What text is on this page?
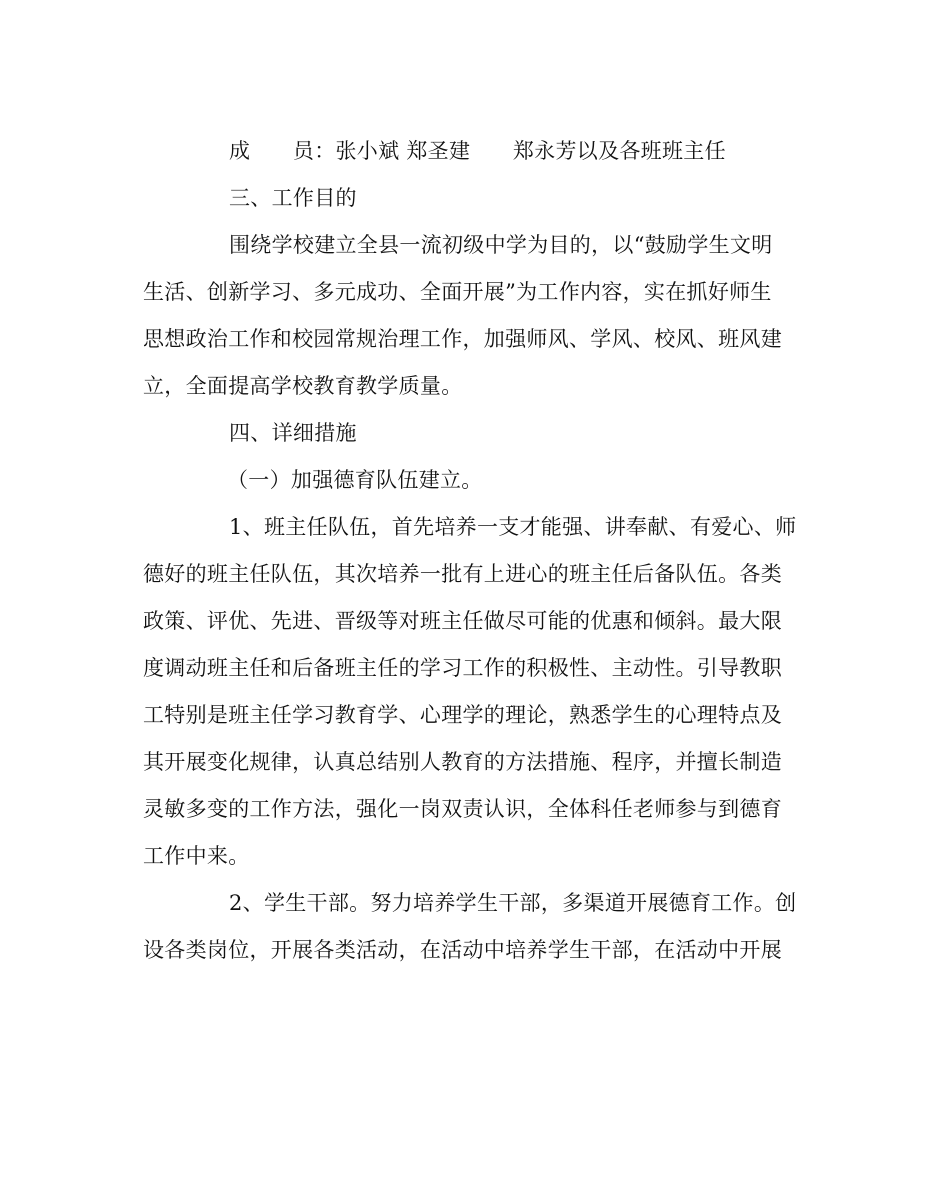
成　　员：张小斌 郑圣建　　郑永芳以及各班班主任
三、工作目的
围绕学校建立全县一流初级中学为目的，以“鼓励学生文明
生活、创新学习、多元成功、全面开展”为工作内容，实在抓好师生
思想政治工作和校园常规治理工作，加强师风、学风、校风、班风建
立，全面提高学校教育教学质量。
四、详细措施
（一）加强德育队伍建立。
1、班主任队伍，首先培养一支才能强、讲奉献、有爱心、师
德好的班主任队伍，其次培养一批有上进心的班主任后备队伍。各类
政策、评优、先进、晋级等对班主任做尽可能的优惠和倾斜。最大限
度调动班主任和后备班主任的学习工作的积极性、主动性。引导教职
工特别是班主任学习教育学、心理学的理论，熟悉学生的心理特点及
其开展变化规律，认真总结别人教育的方法措施、程序，并擅长制造
灵敏多变的工作方法，强化一岗双责认识，全体科任老师参与到德育
工作中来。
2、学生干部。努力培养学生干部，多渠道开展德育工作。创
设各类岗位，开展各类活动，在活动中培养学生干部，在活动中开展
